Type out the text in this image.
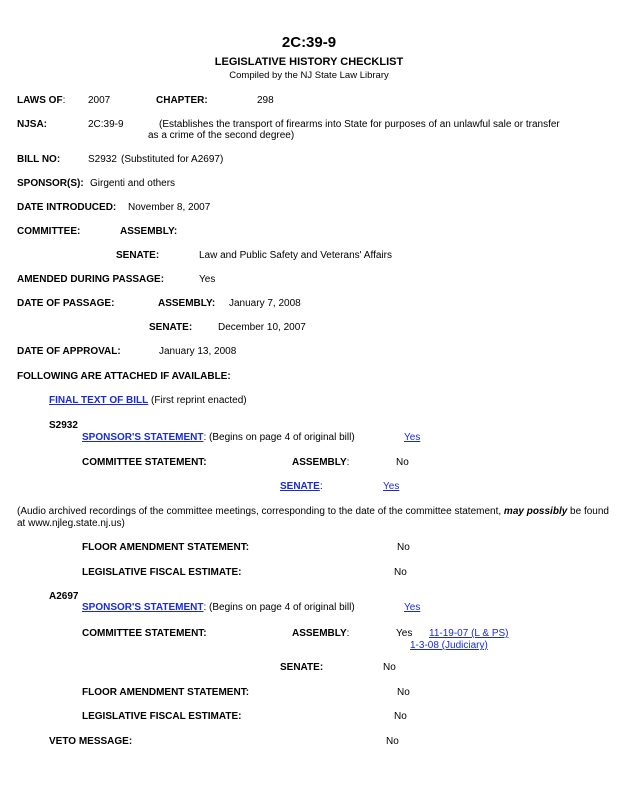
2C:39-9
LEGISLATIVE HISTORY CHECKLIST
Compiled by the NJ State Law Library
LAWS OF: 2007	CHAPTER:	298
NJSA:	2C:39-9	(Establishes the transport of firearms into State for purposes of an unlawful sale or transfer
as a crime of the second degree)
BILL NO:	S2932 (Substituted for A2697)
SPONSOR(S): Girgenti and others
DATE INTRODUCED: November 8, 2007
COMMITTEE:	ASSEMBLY:
SENATE:	Law and Public Safety and Veterans' Affairs
AMENDED DURING PASSAGE:	Yes
DATE OF PASSAGE:	ASSEMBLY: January 7, 2008
SENATE:	December 10, 2007
DATE OF APPROVAL:	January 13, 2008
FOLLOWING ARE ATTACHED IF AVAILABLE:
FINAL TEXT OF BILL (First reprint enacted)
S2932
SPONSOR'S STATEMENT: (Begins on page 4 of original bill)	Yes
COMMITTEE STATEMENT:	ASSEMBLY:	No
SENATE:	Yes
(Audio archived recordings of the committee meetings, corresponding to the date of the committee statement, may possibly be found
at www.njleg.state.nj.us)
FLOOR AMENDMENT STATEMENT:	No
LEGISLATIVE FISCAL ESTIMATE:	No
A2697
SPONSOR'S STATEMENT: (Begins on page 4 of original bill)	Yes
COMMITTEE STATEMENT:	ASSEMBLY:	Yes 11-19-07 (L & PS)
1-3-08 (Judiciary)
SENATE:	No
FLOOR AMENDMENT STATEMENT:	No
LEGISLATIVE FISCAL ESTIMATE:	No
VETO MESSAGE:	No
